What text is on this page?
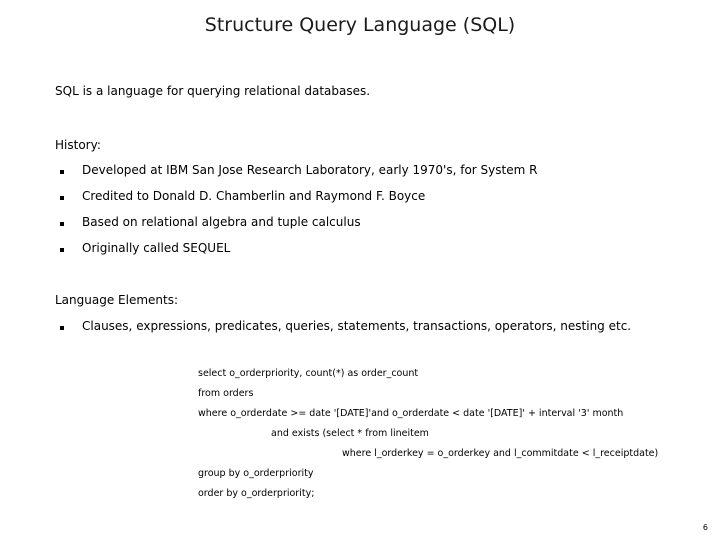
Structure Query Language (SQL)
SQL is a language for querying relational databases.
History:
Developed at IBM San Jose Research Laboratory, early 1970's, for System R
Credited to Donald D. Chamberlin and Raymond F. Boyce
Based on relational algebra and tuple calculus
Originally called SEQUEL
Language Elements:
Clauses, expressions, predicates, queries, statements, transactions, operators, nesting etc.
select o_orderpriority, count(*) as order_count
from orders
where o_orderdate >= date '[DATE]'and o_orderdate < date '[DATE]' + interval '3' month
and exists (select * from lineitem
where l_orderkey = o_orderkey and l_commitdate < l_receiptdate)
group by o_orderpriority
order by o_orderpriority;
6
